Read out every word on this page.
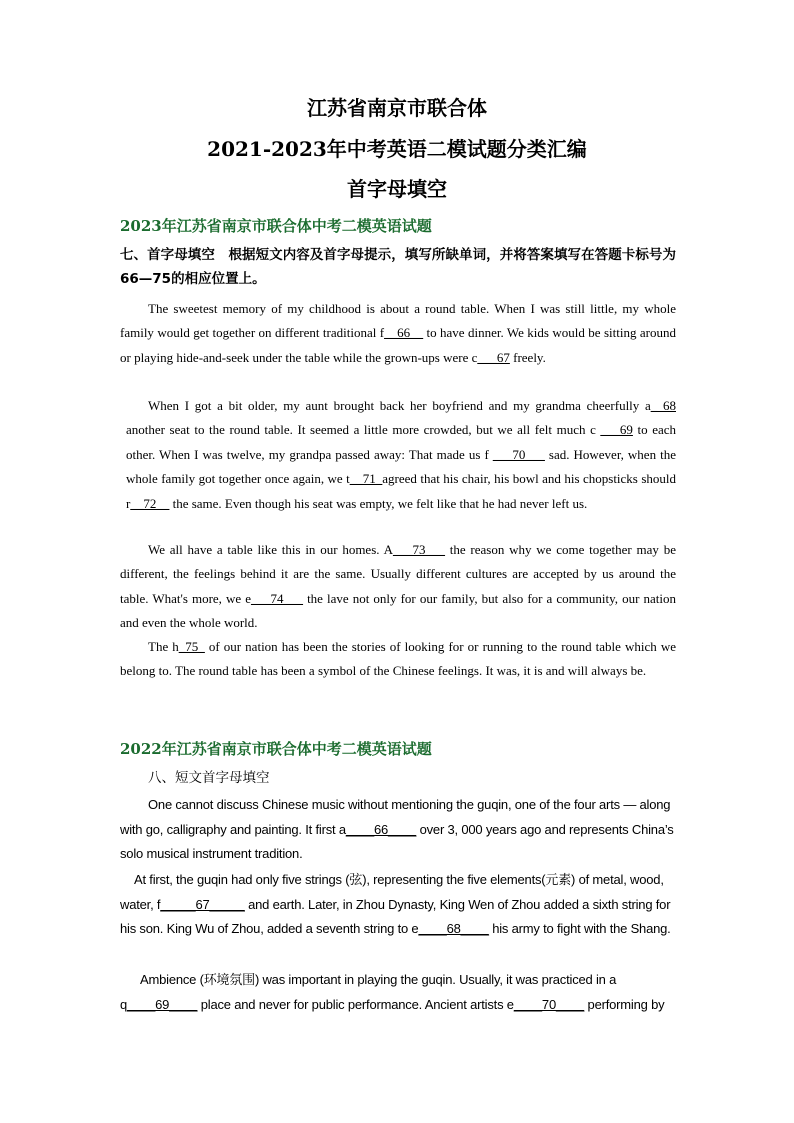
江苏省南京市联合体
2021-2023年中考英语二模试题分类汇编
首字母填空
2023年江苏省南京市联合体中考二模英语试题
七、首字母填空　根据短文内容及首字母提示，填写所缺单词，并将答案填写在答题卡标号为66—75的相应位置上。
The sweetest memory of my childhood is about a round table. When I was still little, my whole family would get together on different traditional f__66__ to have dinner. We kids would be sitting around or playing hide-and-seek under the table while the grown-ups were c___67 freely.
When I got a bit older, my aunt brought back her boyfriend and my grandma cheerfully a_ 68 another seat to the round table. It seemed a little more crowded, but we all felt much c ___69 to each other. When I was twelve, my grandpa passed away: That made us f ___70___ sad. However, when the whole family got together once again, we t__71_agreed that his chair, his bowl and his chopsticks should r__72__ the same. Even though his seat was empty, we felt like that he had never left us.
We all have a table like this in our homes. A___73___ the reason why we come together may be different, the feelings behind it are the same. Usually different cultures are accepted by us around the table. What's more, we e___74___ the lave not only for our family, but also for a community, our nation and even the whole world.
The h_75_ of our nation has been the stories of looking for or running to the round table which we belong to. The round table has been a symbol of the Chinese feelings. It was, it is and will always be.
2022年江苏省南京市联合体中考二模英语试题
八、短文首字母填空
One cannot discuss Chinese music without mentioning the guqin, one of the four arts — along with go, calligraphy and painting. It first a____66____ over 3, 000 years ago and represents China’s solo musical instrument tradition.
At first, the guqin had only five strings (弦), representing the five elements(元素) of metal, wood, water, f_____67_____ and earth. Later, in Zhou Dynasty, King Wen of Zhou added a sixth string for his son. King Wu of Zhou, added a seventh string to e____68____ his army to fight with the Shang.
Ambience (环境氛围) was important in playing the guqin. Usually, it was practiced in a q____69____ place and never for public performance. Ancient artists e____70____ performing by
